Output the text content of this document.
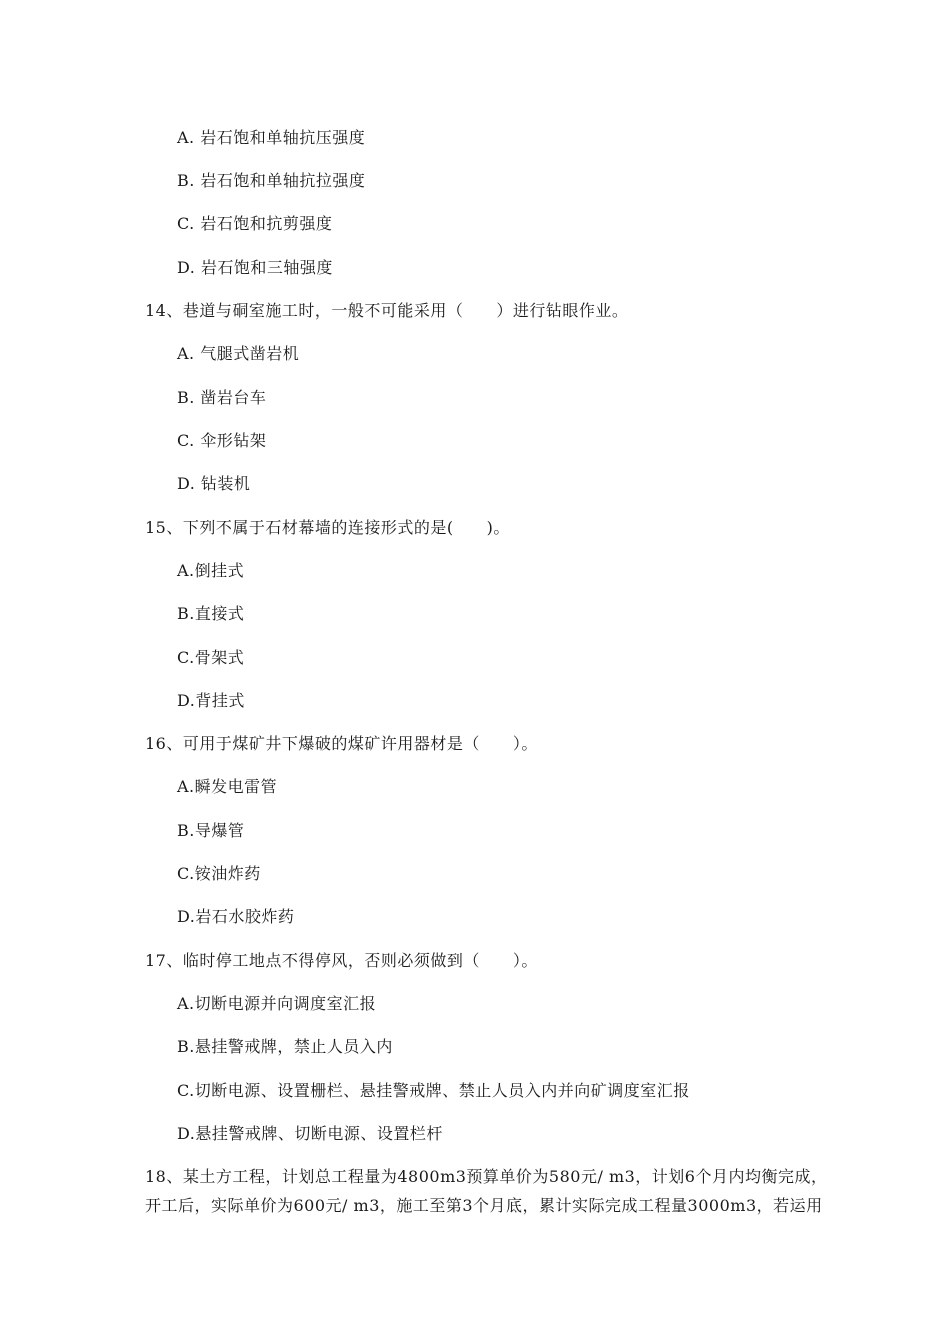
A. 岩石饱和单轴抗压强度
B. 岩石饱和单轴抗拉强度
C. 岩石饱和抗剪强度
D. 岩石饱和三轴强度
14、巷道与硐室施工时，一般不可能采用（　　）进行钻眼作业。
A. 气腿式凿岩机
B. 凿岩台车
C. 伞形钻架
D. 钻装机
15、下列不属于石材幕墙的连接形式的是(　　)。
A.倒挂式
B.直接式
C.骨架式
D.背挂式
16、可用于煤矿井下爆破的煤矿许用器材是（　　）。
A.瞬发电雷管
B.导爆管
C.铵油炸药
D.岩石水胶炸药
17、临时停工地点不得停风，否则必须做到（　　）。
A.切断电源并向调度室汇报
B.悬挂警戒牌，禁止人员入内
C.切断电源、设置栅栏、悬挂警戒牌、禁止人员入内并向矿调度室汇报
D.悬挂警戒牌、切断电源、设置栏杆
18、某土方工程，计划总工程量为4800m3预算单价为580元/ m3，计划6个月内均衡完成，
开工后，实际单价为600元/ m3，施工至第3个月底，累计实际完成工程量3000m3，若运用
